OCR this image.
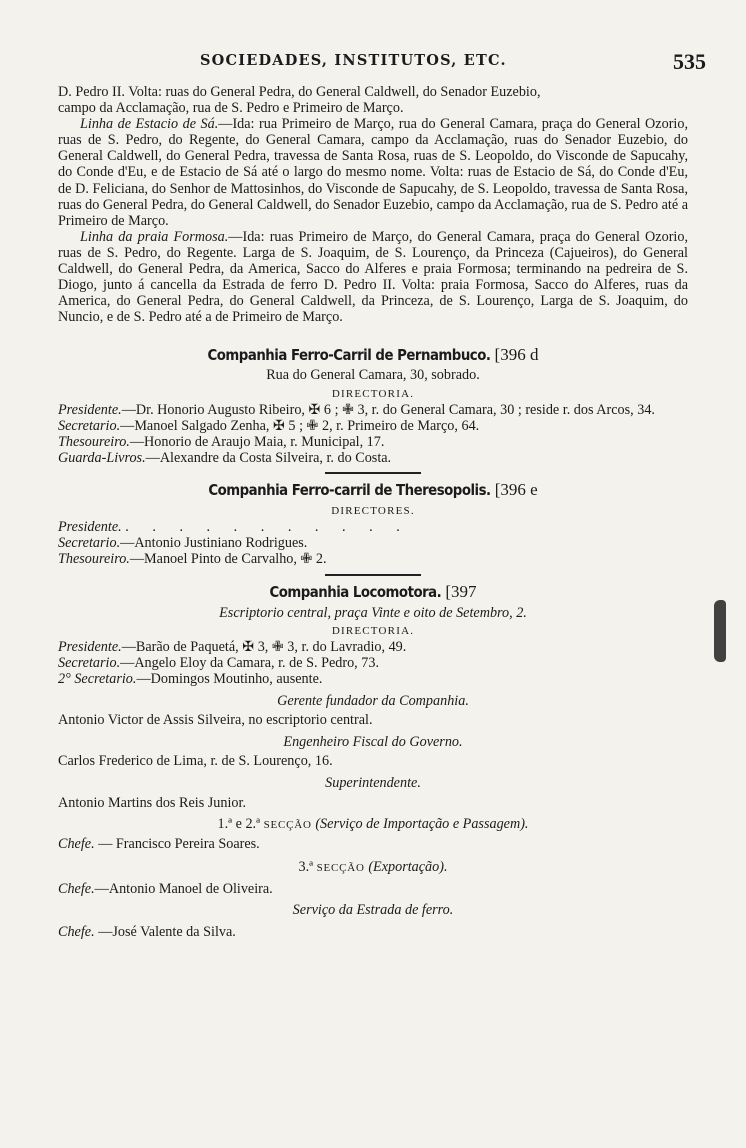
SOCIEDADES, INSTITUTOS, ETC.	535

D. Pedro II. Volta: ruas do General Pedra, do General Caldwell, do Senador Euzebio,

campo da Acclamação, rua de S. Pedro e Primeiro de Março.

Linha de Estacio de Sá.—Ida: rua Primeiro de Março, rua do General Camara, praça do General Ozorio, ruas de S. Pedro, do Regente, do General Camara, campo da Acclamação, ruas do Senador Euzebio, do General Caldwell, do General Pedra, travessa de Santa Rosa, ruas de S. Leopoldo, do Visconde de Sapucahy, do Conde d'Eu, e de Estacio de Sá até o largo do mesmo nome. Volta: ruas de Estacio de Sá, do Conde d'Eu, de D. Feliciana, do Senhor de Mattosinhos, do Visconde de Sapucahy, de S. Leopoldo, travessa de Santa Rosa, ruas do General Pedra, do General Caldwell, do Senador Euzebio, campo da Acclamação, rua de S. Pedro até a Primeiro de Março.

Linha da praia Formosa.—Ida: ruas Primeiro de Março, do General Camara, praça do General Ozorio, ruas de S. Pedro, do Regente. Larga de S. Joaquim, de S. Lourenço, da Princeza (Cajueiros), do General Caldwell, do General Pedra, da America, Sacco do Alferes e praia Formosa; terminando na pedreira de S. Diogo, junto á cancella da Estrada de ferro D. Pedro II. Volta: praia Formosa, Sacco do Alferes, ruas da America, do General Pedra, do General Caldwell, da Princeza, de S. Lourenço, Larga de S. Joaquim, do Nuncio, e de S. Pedro até a de Primeiro de Março.

Companhia Ferro-Carril de Pernambuco. [396 d

Rua do General Camara, 30, sobrado.

DIRECTORIA.

Presidente.—Dr. Honorio Augusto Ribeiro, ✠ 6 ; ✙ 3, r. do General Camara, 30 ; reside r. dos Arcos, 34.

Secretario.—Manoel Salgado Zenha, ✠ 5 ; ✙ 2, r. Primeiro de Março, 64.

Thesoureiro.—Honorio de Araujo Maia, r. Municipal, 17.

Guarda-Livros.—Alexandre da Costa Silveira, r. do Costa.

Companhia Ferro-carril de Theresopolis. [396 e

DIRECTORES.

Presidente. . . . . . . . . . . .

Secretario.—Antonio Justiniano Rodrigues.

Thesoureiro.—Manoel Pinto de Carvalho, ✙ 2.

Companhia Locomotora. [397

Escriptorio central, praça Vinte e oito de Setembro, 2.

DIRECTORIA.

Presidente.—Barão de Paquetá, ✠ 3, ✙ 3, r. do Lavradio, 49.

Secretario.—Angelo Eloy da Camara, r. de S. Pedro, 73.

2° Secretario.—Domingos Moutinho, ausente.

Gerente fundador da Companhia.

Antonio Victor de Assis Silveira, no escriptorio central.

Engenheiro Fiscal do Governo.

Carlos Frederico de Lima, r. de S. Lourenço, 16.

Superintendente.

Antonio Martins dos Reis Junior.

1.ª e 2.ª SECÇÃO (Serviço de Importação e Passagem).

Chefe. — Francisco Pereira Soares.

3.ª SECÇÃO (Exportação).

Chefe.—Antonio Manoel de Oliveira.

Serviço da Estrada de ferro.

Chefe. —José Valente da Silva.
